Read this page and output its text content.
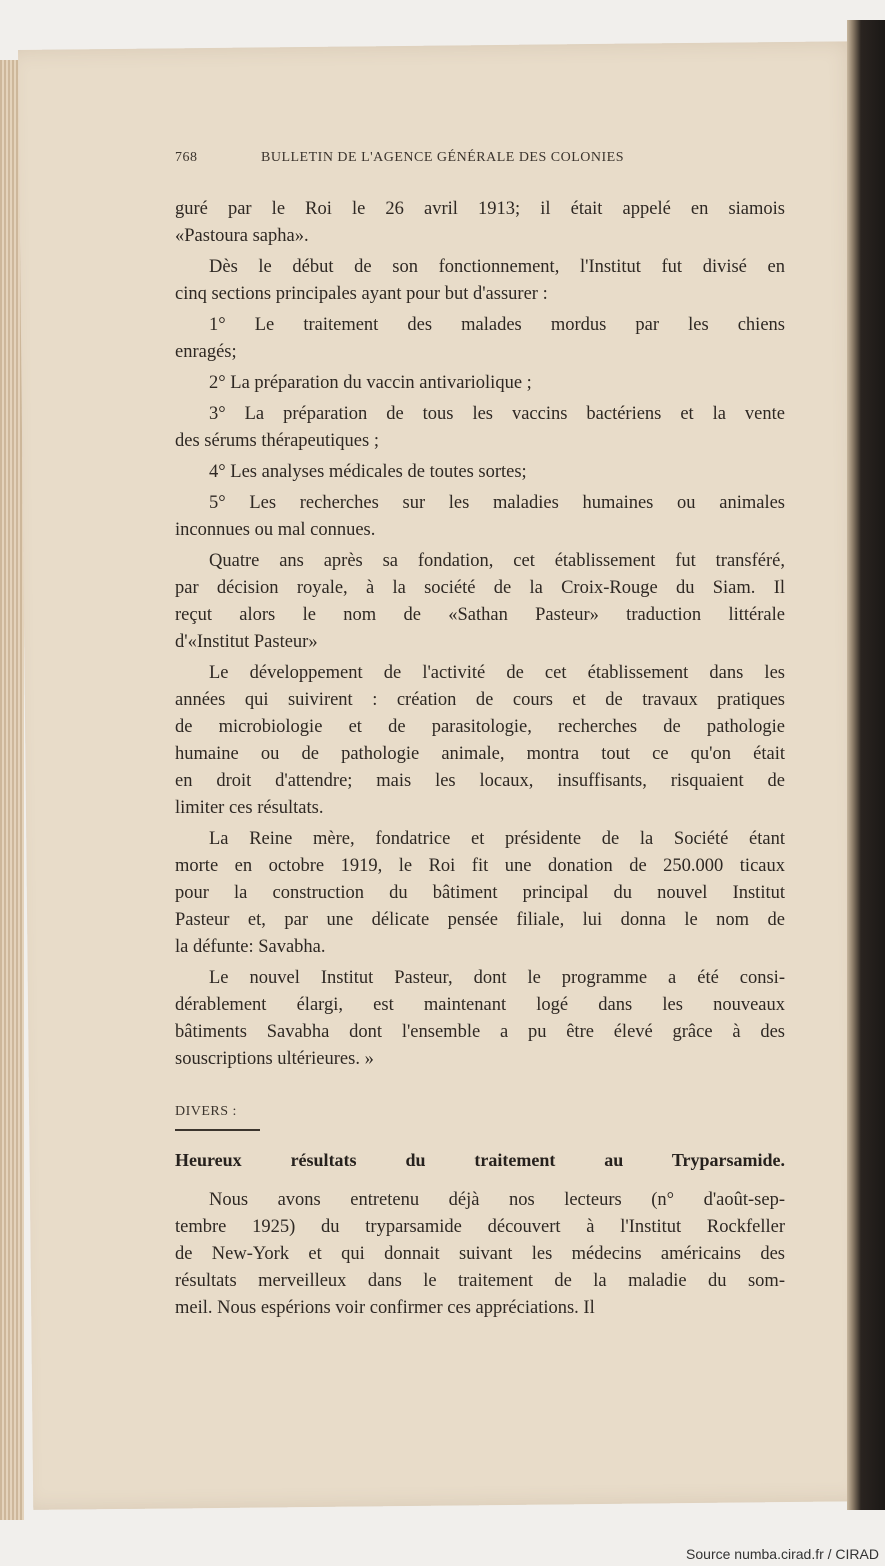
768	BULLETIN DE L'AGENCE GÉNÉRALE DES COLONIES
guré par le Roi le 26 avril 1913; il était appelé en siamois
«Pastoura sapha».
Dès le début de son fonctionnement, l'Institut fut divisé en
cinq sections principales ayant pour but d'assurer :
1° Le traitement des malades mordus par les chiens
enragés;
2° La préparation du vaccin antivariolique ;
3° La préparation de tous les vaccins bactériens et la vente
des sérums thérapeutiques ;
4° Les analyses médicales de toutes sortes;
5° Les recherches sur les maladies humaines ou animales
inconnues ou mal connues.
Quatre ans après sa fondation, cet établissement fut transféré,
par décision royale, à la société de la Croix-Rouge du Siam. Il
reçut alors le nom de «Sathan Pasteur» traduction littérale
d'«Institut Pasteur»
Le développement de l'activité de cet établissement dans les
années qui suivirent : création de cours et de travaux pratiques
de microbiologie et de parasitologie, recherches de pathologie
humaine ou de pathologie animale, montra tout ce qu'on était
en droit d'attendre; mais les locaux, insuffisants, risquaient de
limiter ces résultats.
La Reine mère, fondatrice et présidente de la Société étant
morte en octobre 1919, le Roi fit une donation de 250.000 ticaux
pour la construction du bâtiment principal du nouvel Institut
Pasteur et, par une délicate pensée filiale, lui donna le nom de
la défunte: Savabha.
Le nouvel Institut Pasteur, dont le programme a été consi-
dérablement élargi, est maintenant logé dans les nouveaux
bâtiments Savabha dont l'ensemble a pu être élevé grâce à des
souscriptions ultérieures. »
DIVERS :
Heureux résultats du traitement au Tryparsamide.
Nous avons entretenu déjà nos lecteurs (n° d'août-sep-
tembre 1925) du tryparsamide découvert à l'Institut Rockfeller
de New-York et qui donnait suivant les médecins américains des
résultats merveilleux dans le traitement de la maladie du som-
meil. Nous espérions voir confirmer ces appréciations. Il
Source numba.cirad.fr / CIRAD
